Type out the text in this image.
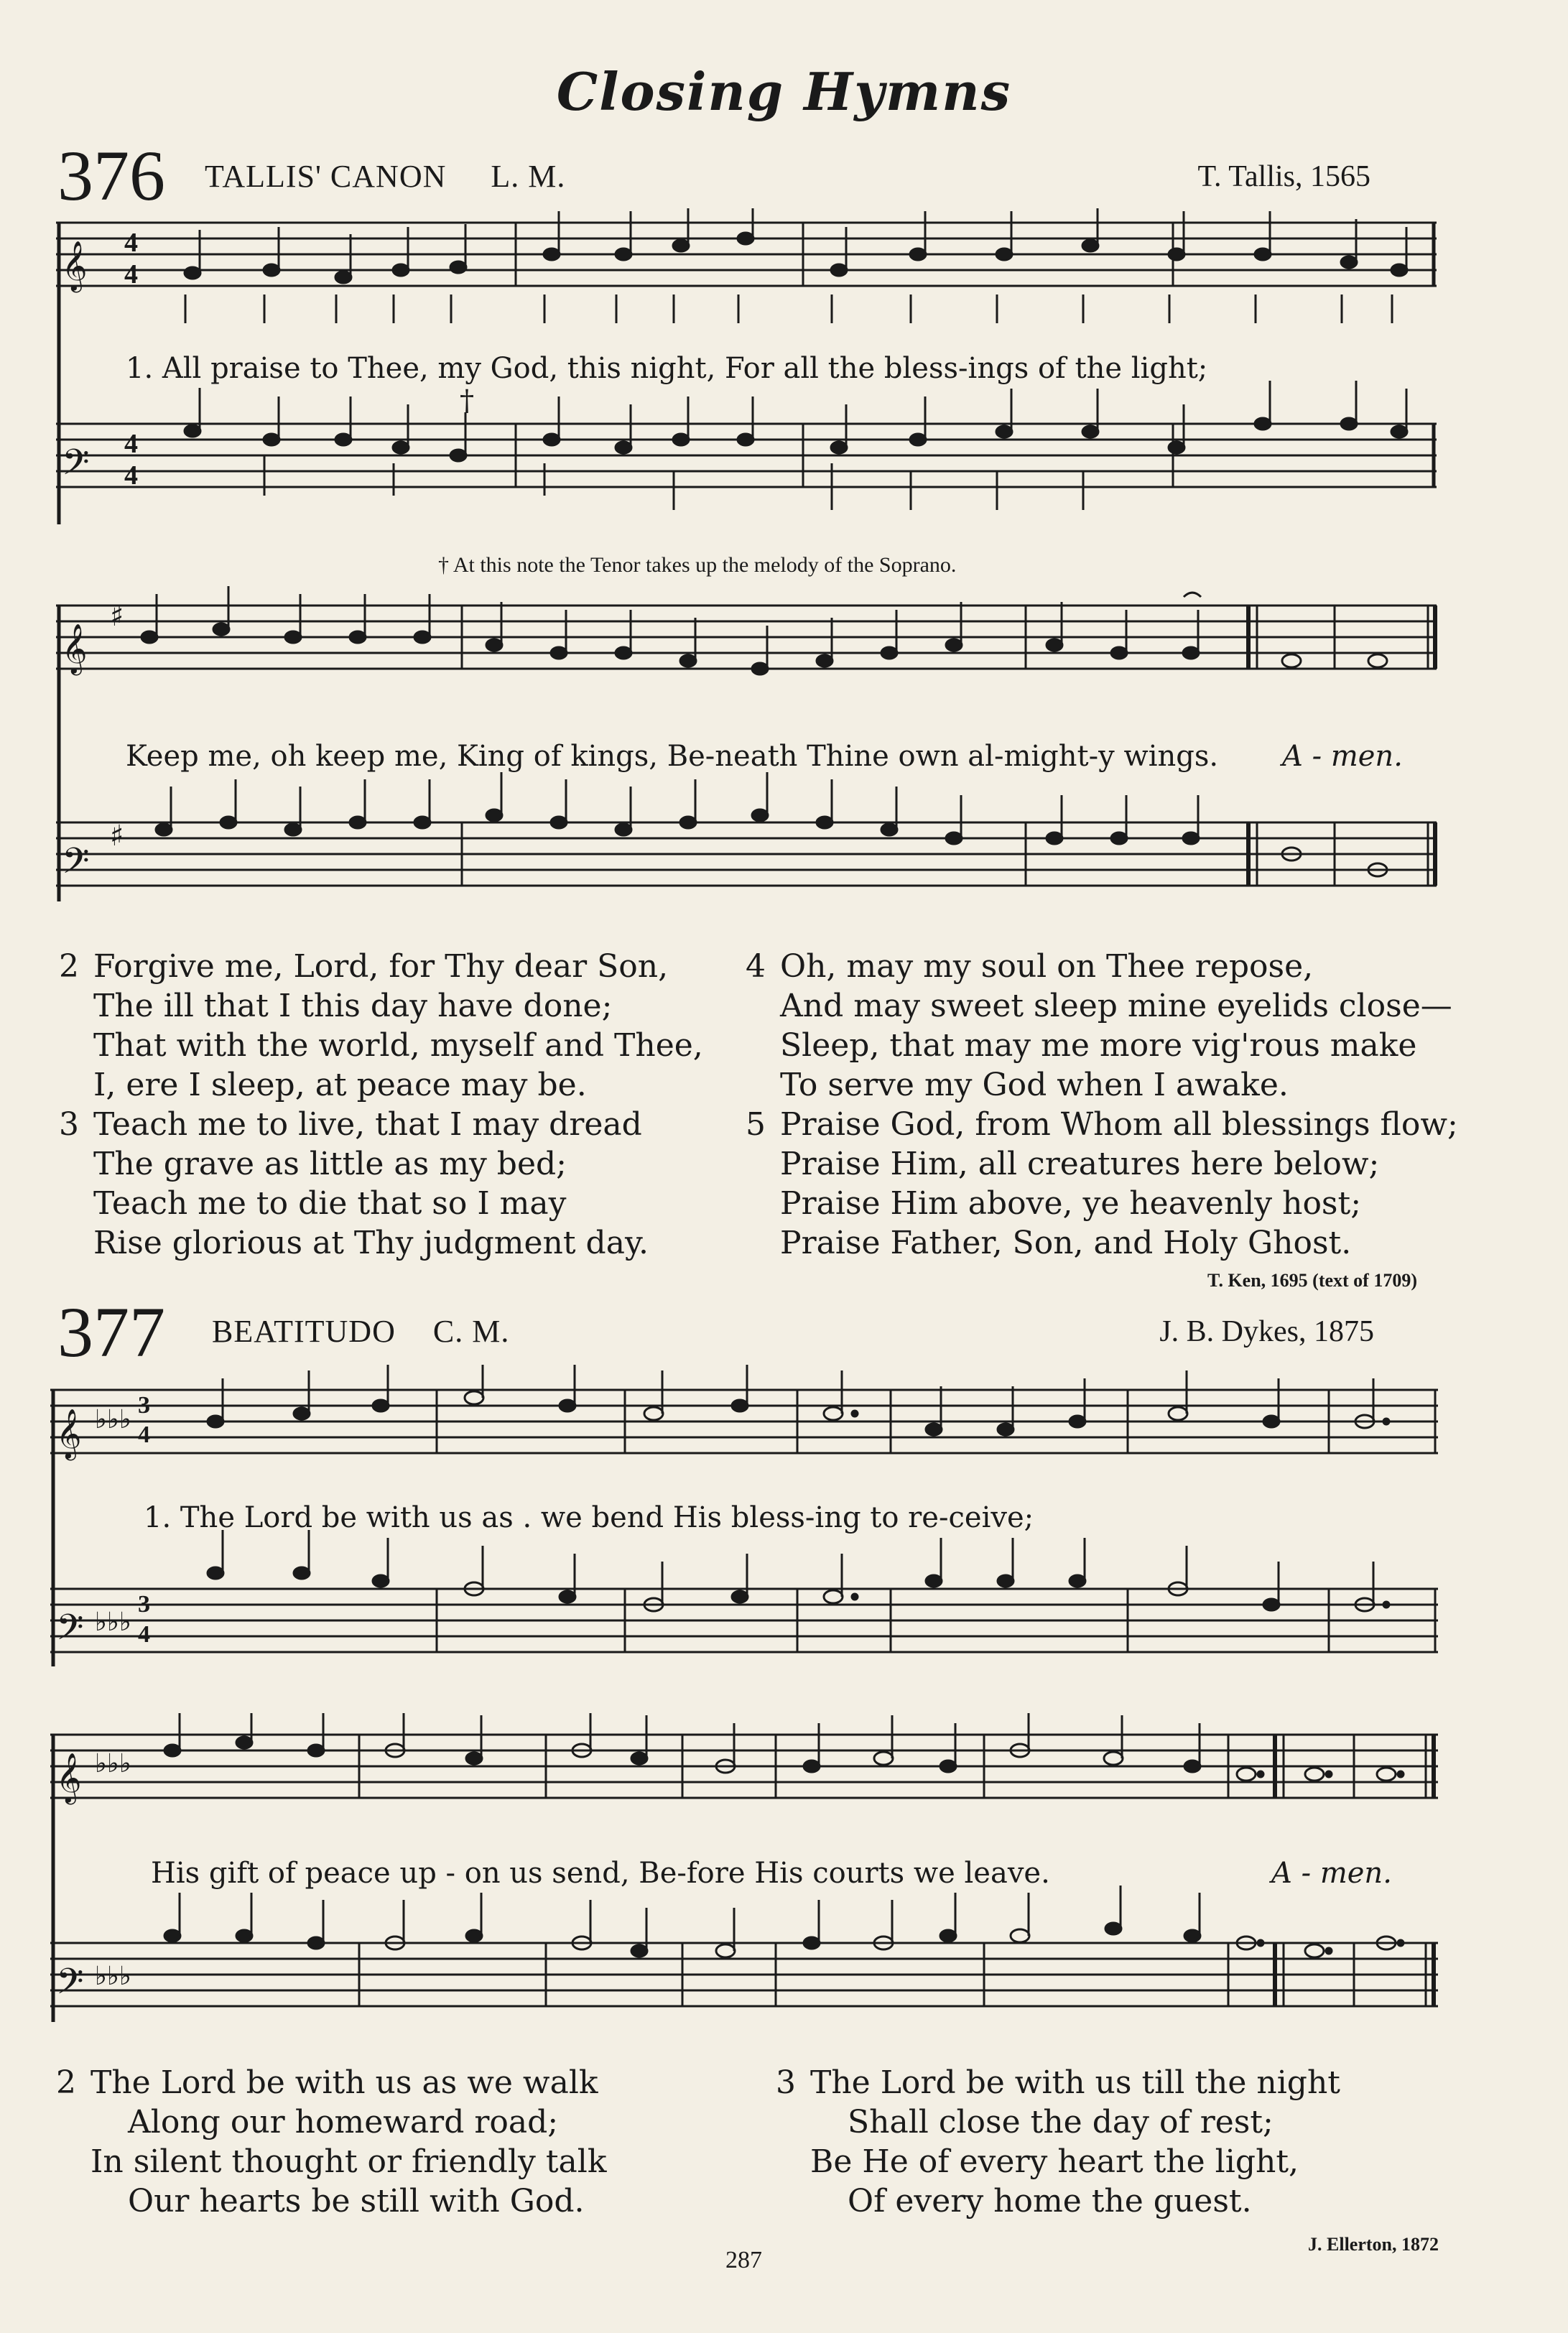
Closing Hymns
376 TALLIS' CANON L. M.	T. Tallis, 1565
𝄞
𝄢
4
4
4
4
1. All praise to Thee, my God, this night, For all the bless-ings of the light;
†
† At this note the Tenor takes up the melody of the Soprano.
𝄞
𝄢
♯
♯
Keep me, oh keep me, King of kings, Be-neath Thine own al-might-y wings. A - men.
2 Forgive me, Lord, for Thy dear Son,
The ill that I this day have done;
That with the world, myself and Thee,
I, ere I sleep, at peace may be.
3 Teach me to live, that I may dread
The grave as little as my bed;
Teach me to die that so I may
Rise glorious at Thy judgment day.
4 Oh, may my soul on Thee repose,
And may sweet sleep mine eyelids close—
Sleep, that may me more vig'rous make
To serve my God when I awake.
5 Praise God, from Whom all blessings flow;
Praise Him, all creatures here below;
Praise Him above, ye heavenly host;
Praise Father, Son, and Holy Ghost.
T. Ken, 1695 (text of 1709)
377 BEATITUDO C. M.	J. B. Dykes, 1875
𝄞
𝄢
♭♭♭
♭♭♭
3
4
3
4
1. The Lord be with us as . we bend His bless-ing to re-ceive;
𝄞
𝄢
♭♭♭
♭♭♭
His gift of peace up - on us send, Be-fore His courts we leave.	A - men.
2 The Lord be with us as we walk
Along our homeward road;
In silent thought or friendly talk
Our hearts be still with God.
3 The Lord be with us till the night
Shall close the day of rest;
Be He of every heart the light,
Of every home the guest.
287
J. Ellerton, 1872
